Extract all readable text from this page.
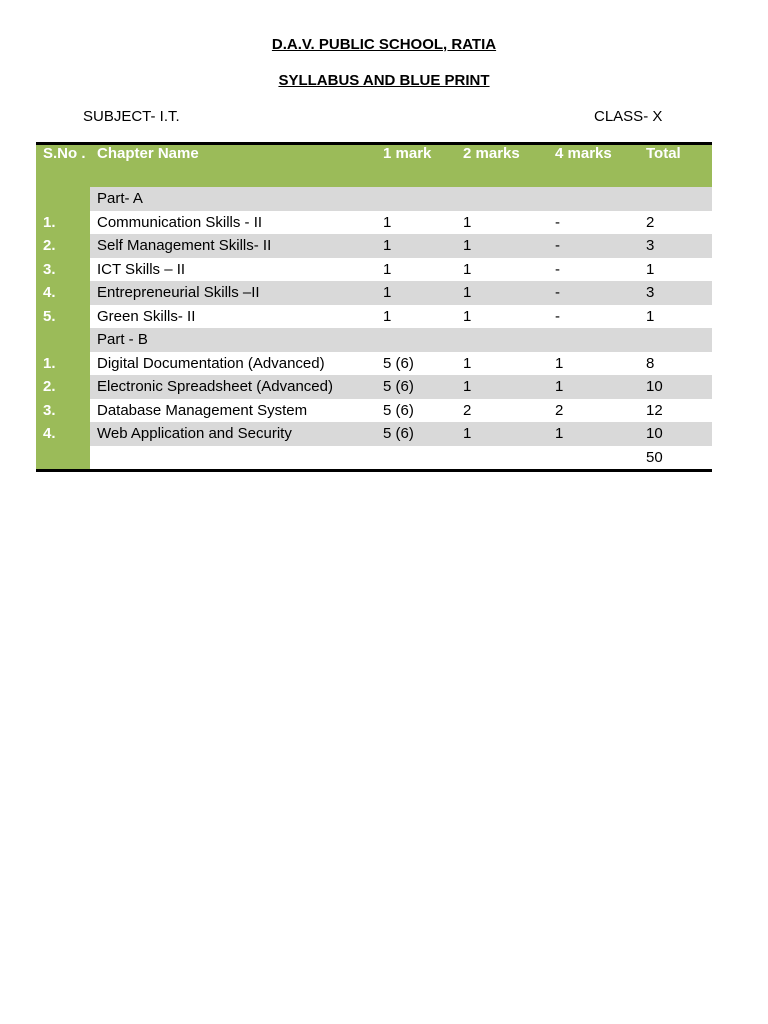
D.A.V. PUBLIC SCHOOL, RATIA
SYLLABUS AND BLUE PRINT
SUBJECT- I.T.	CLASS- X
S.No .	Chapter Name	1 mark	2 marks	4 marks	Total
	Part- A				
1.	Communication Skills - II	1	1	-	2
2.	Self Management Skills- II	1	1	-	3
3.	ICT Skills – II	1	1	-	1
4.	Entrepreneurial Skills –II	1	1	-	3
5.	Green Skills- II	1	1	-	1
	Part - B				
1.	Digital Documentation (Advanced)	5 (6)	1	1	8
2.	Electronic Spreadsheet (Advanced)	5 (6)	1	1	10
3.	Database Management System	5 (6)	2	2	12
4.	Web Application and Security	5 (6)	1	1	10
					50
